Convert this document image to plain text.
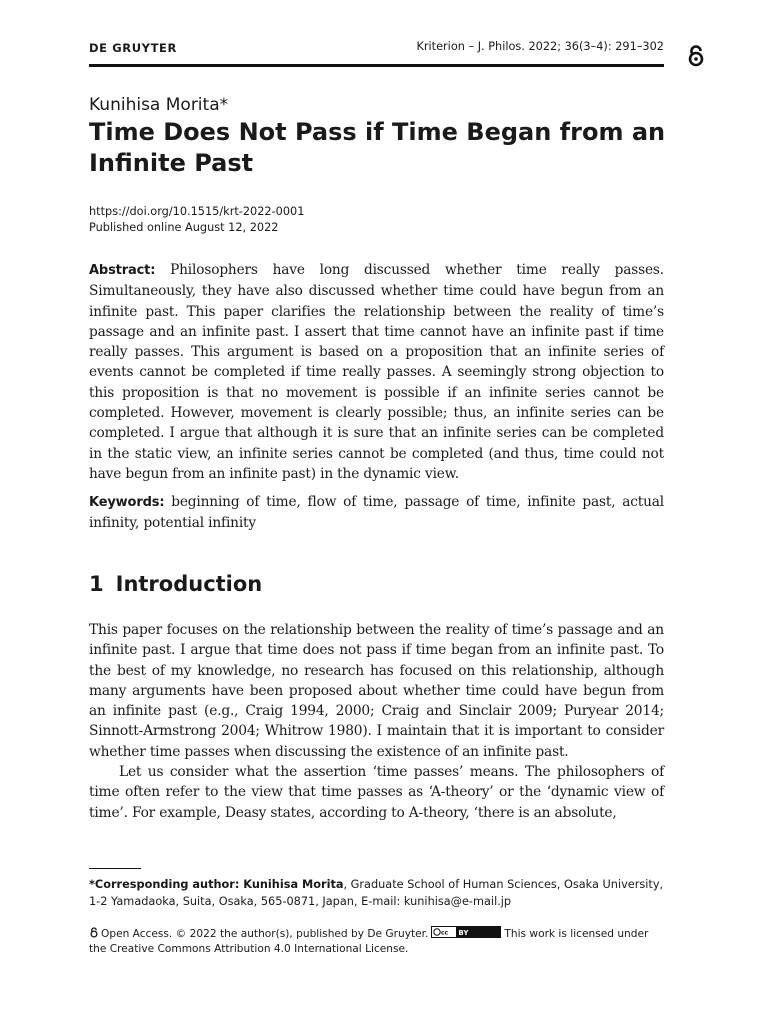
DE GRUYTER	Kriterion – J. Philos. 2022; 36(3–4): 291–302
Kunihisa Morita*
Time Does Not Pass if Time Began from an Infinite Past
https://doi.org/10.1515/krt-2022-0001
Published online August 12, 2022

Abstract: Philosophers have long discussed whether time really passes. Simultaneously, they have also discussed whether time could have begun from an infinite past. This paper clarifies the relationship between the reality of time’s passage and an infinite past. I assert that time cannot have an infinite past if time really passes. This argument is based on a proposition that an infinite series of events cannot be completed if time really passes. A seemingly strong objection to this proposition is that no movement is possible if an infinite series cannot be completed. However, movement is clearly possible; thus, an infinite series can be completed. I argue that although it is sure that an infinite series can be completed in the static view, an infinite series cannot be completed (and thus, time could not have begun from an infinite past) in the dynamic view.

Keywords: beginning of time, flow of time, passage of time, infinite past, actual infinity, potential infinity

1 Introduction

This paper focuses on the relationship between the reality of time’s passage and an infinite past. I argue that time does not pass if time began from an infinite past. To the best of my knowledge, no research has focused on this relationship, although many arguments have been proposed about whether time could have begun from an infinite past (e.g., Craig 1994, 2000; Craig and Sinclair 2009; Puryear 2014; Sinnott-Armstrong 2004; Whitrow 1980). I maintain that it is important to consider whether time passes when discussing the existence of an infinite past.

Let us consider what the assertion ‘time passes’ means. The philosophers of time often refer to the view that time passes as ‘A-theory’ or the ‘dynamic view of time’. For example, Deasy states, according to A-theory, ‘there is an absolute,

*Corresponding author: Kunihisa Morita, Graduate School of Human Sciences, Osaka University, 1-2 Yamadaoka, Suita, Osaka, 565-0871, Japan, E-mail: kunihisa@e-mail.jp

Open Access. © 2022 the author(s), published by De Gruyter. cc BY	This work is licensed under the Creative Commons Attribution 4.0 International License.
